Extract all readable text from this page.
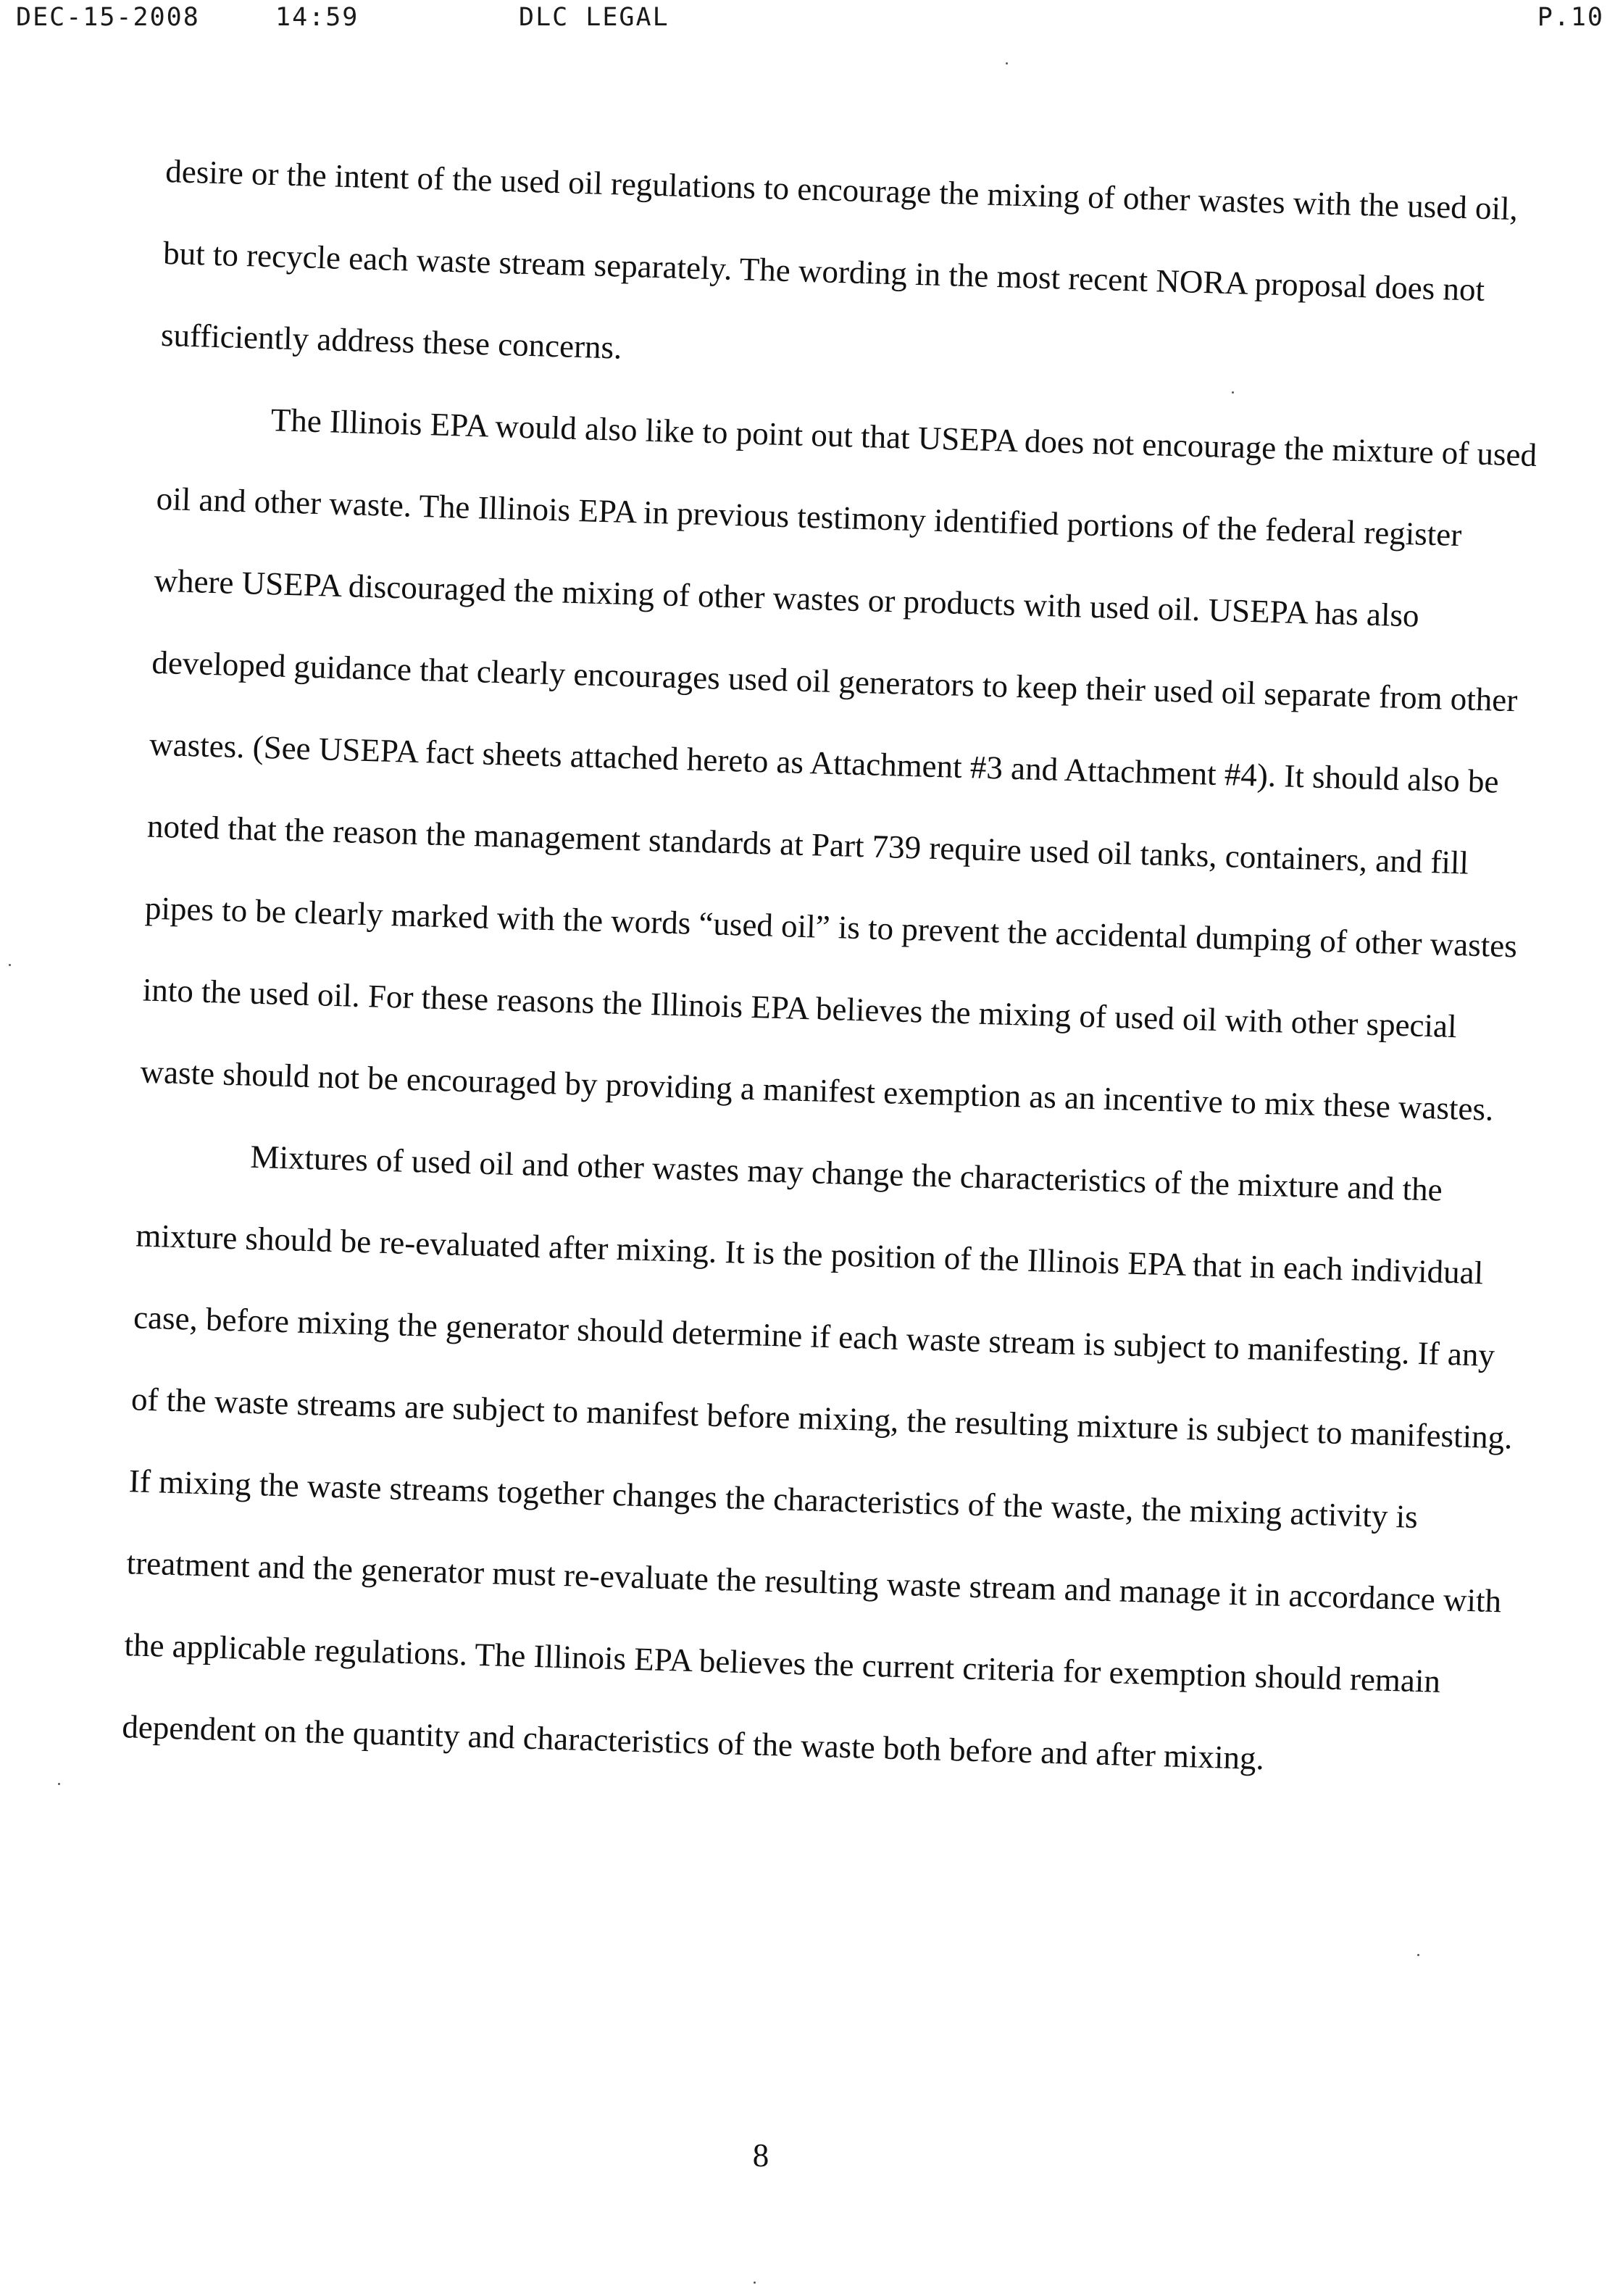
DEC-15-2008	14:59	DLC LEGAL	P.10

desire or the intent of the used oil regulations to encourage the mixing of other wastes with the used oil, but to recycle each waste stream separately. The wording in the most recent NORA proposal does not sufficiently address these concerns.

The Illinois EPA would also like to point out that USEPA does not encourage the mixture of used oil and other waste. The Illinois EPA in previous testimony identified portions of the federal register where USEPA discouraged the mixing of other wastes or products with used oil. USEPA has also developed guidance that clearly encourages used oil generators to keep their used oil separate from other wastes. (See USEPA fact sheets attached hereto as Attachment #3 and Attachment #4). It should also be noted that the reason the management standards at Part 739 require used oil tanks, containers, and fill pipes to be clearly marked with the words “used oil” is to prevent the accidental dumping of other wastes into the used oil. For these reasons the Illinois EPA believes the mixing of used oil with other special waste should not be encouraged by providing a manifest exemption as an incentive to mix these wastes.

Mixtures of used oil and other wastes may change the characteristics of the mixture and the mixture should be re-evaluated after mixing. It is the position of the Illinois EPA that in each individual case, before mixing the generator should determine if each waste stream is subject to manifesting. If any of the waste streams are subject to manifest before mixing, the resulting mixture is subject to manifesting. If mixing the waste streams together changes the characteristics of the waste, the mixing activity is treatment and the generator must re-evaluate the resulting waste stream and manage it in accordance with the applicable regulations. The Illinois EPA believes the current criteria for exemption should remain dependent on the quantity and characteristics of the waste both before and after mixing.

8
